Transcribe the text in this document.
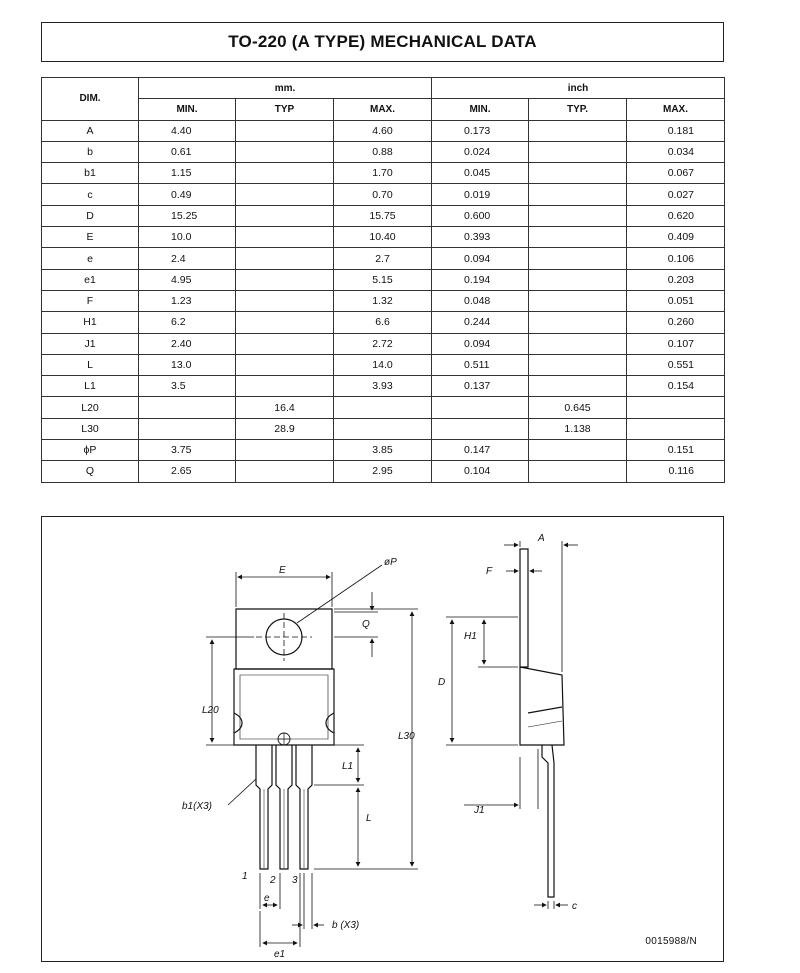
TO-220 (A TYPE) MECHANICAL DATA
DIM.	mm.			inch		
	MIN.	TYP	MAX.	MIN.	TYP.	MAX.
A	4.40		4.60	0.173		0.181
b	0.61		0.88	0.024		0.034
b1	1.15		1.70	0.045		0.067
c	0.49		0.70	0.019		0.027
D	15.25		15.75	0.600		0.620
E	10.0		10.40	0.393		0.409
e	2.4		2.7	0.094		0.106
e1	4.95		5.15	0.194		0.203
F	1.23		1.32	0.048		0.051
H1	6.2		6.6	0.244		0.260
J1	2.40		2.72	0.094		0.107
L	13.0		14.0	0.511		0.551
L1	3.5		3.93	0.137		0.154
L20		16.4			0.645	
L30		28.9			1.138	
ϕP	3.75		3.85	0.147		0.151
Q	2.65		2.95	0.104		0.116
E
øP
Q
L30
L20
L1
L
b1(X3)
1 2 3
e
b (X3)
e1
A
F
H1
D
J1
c
0015988/N
